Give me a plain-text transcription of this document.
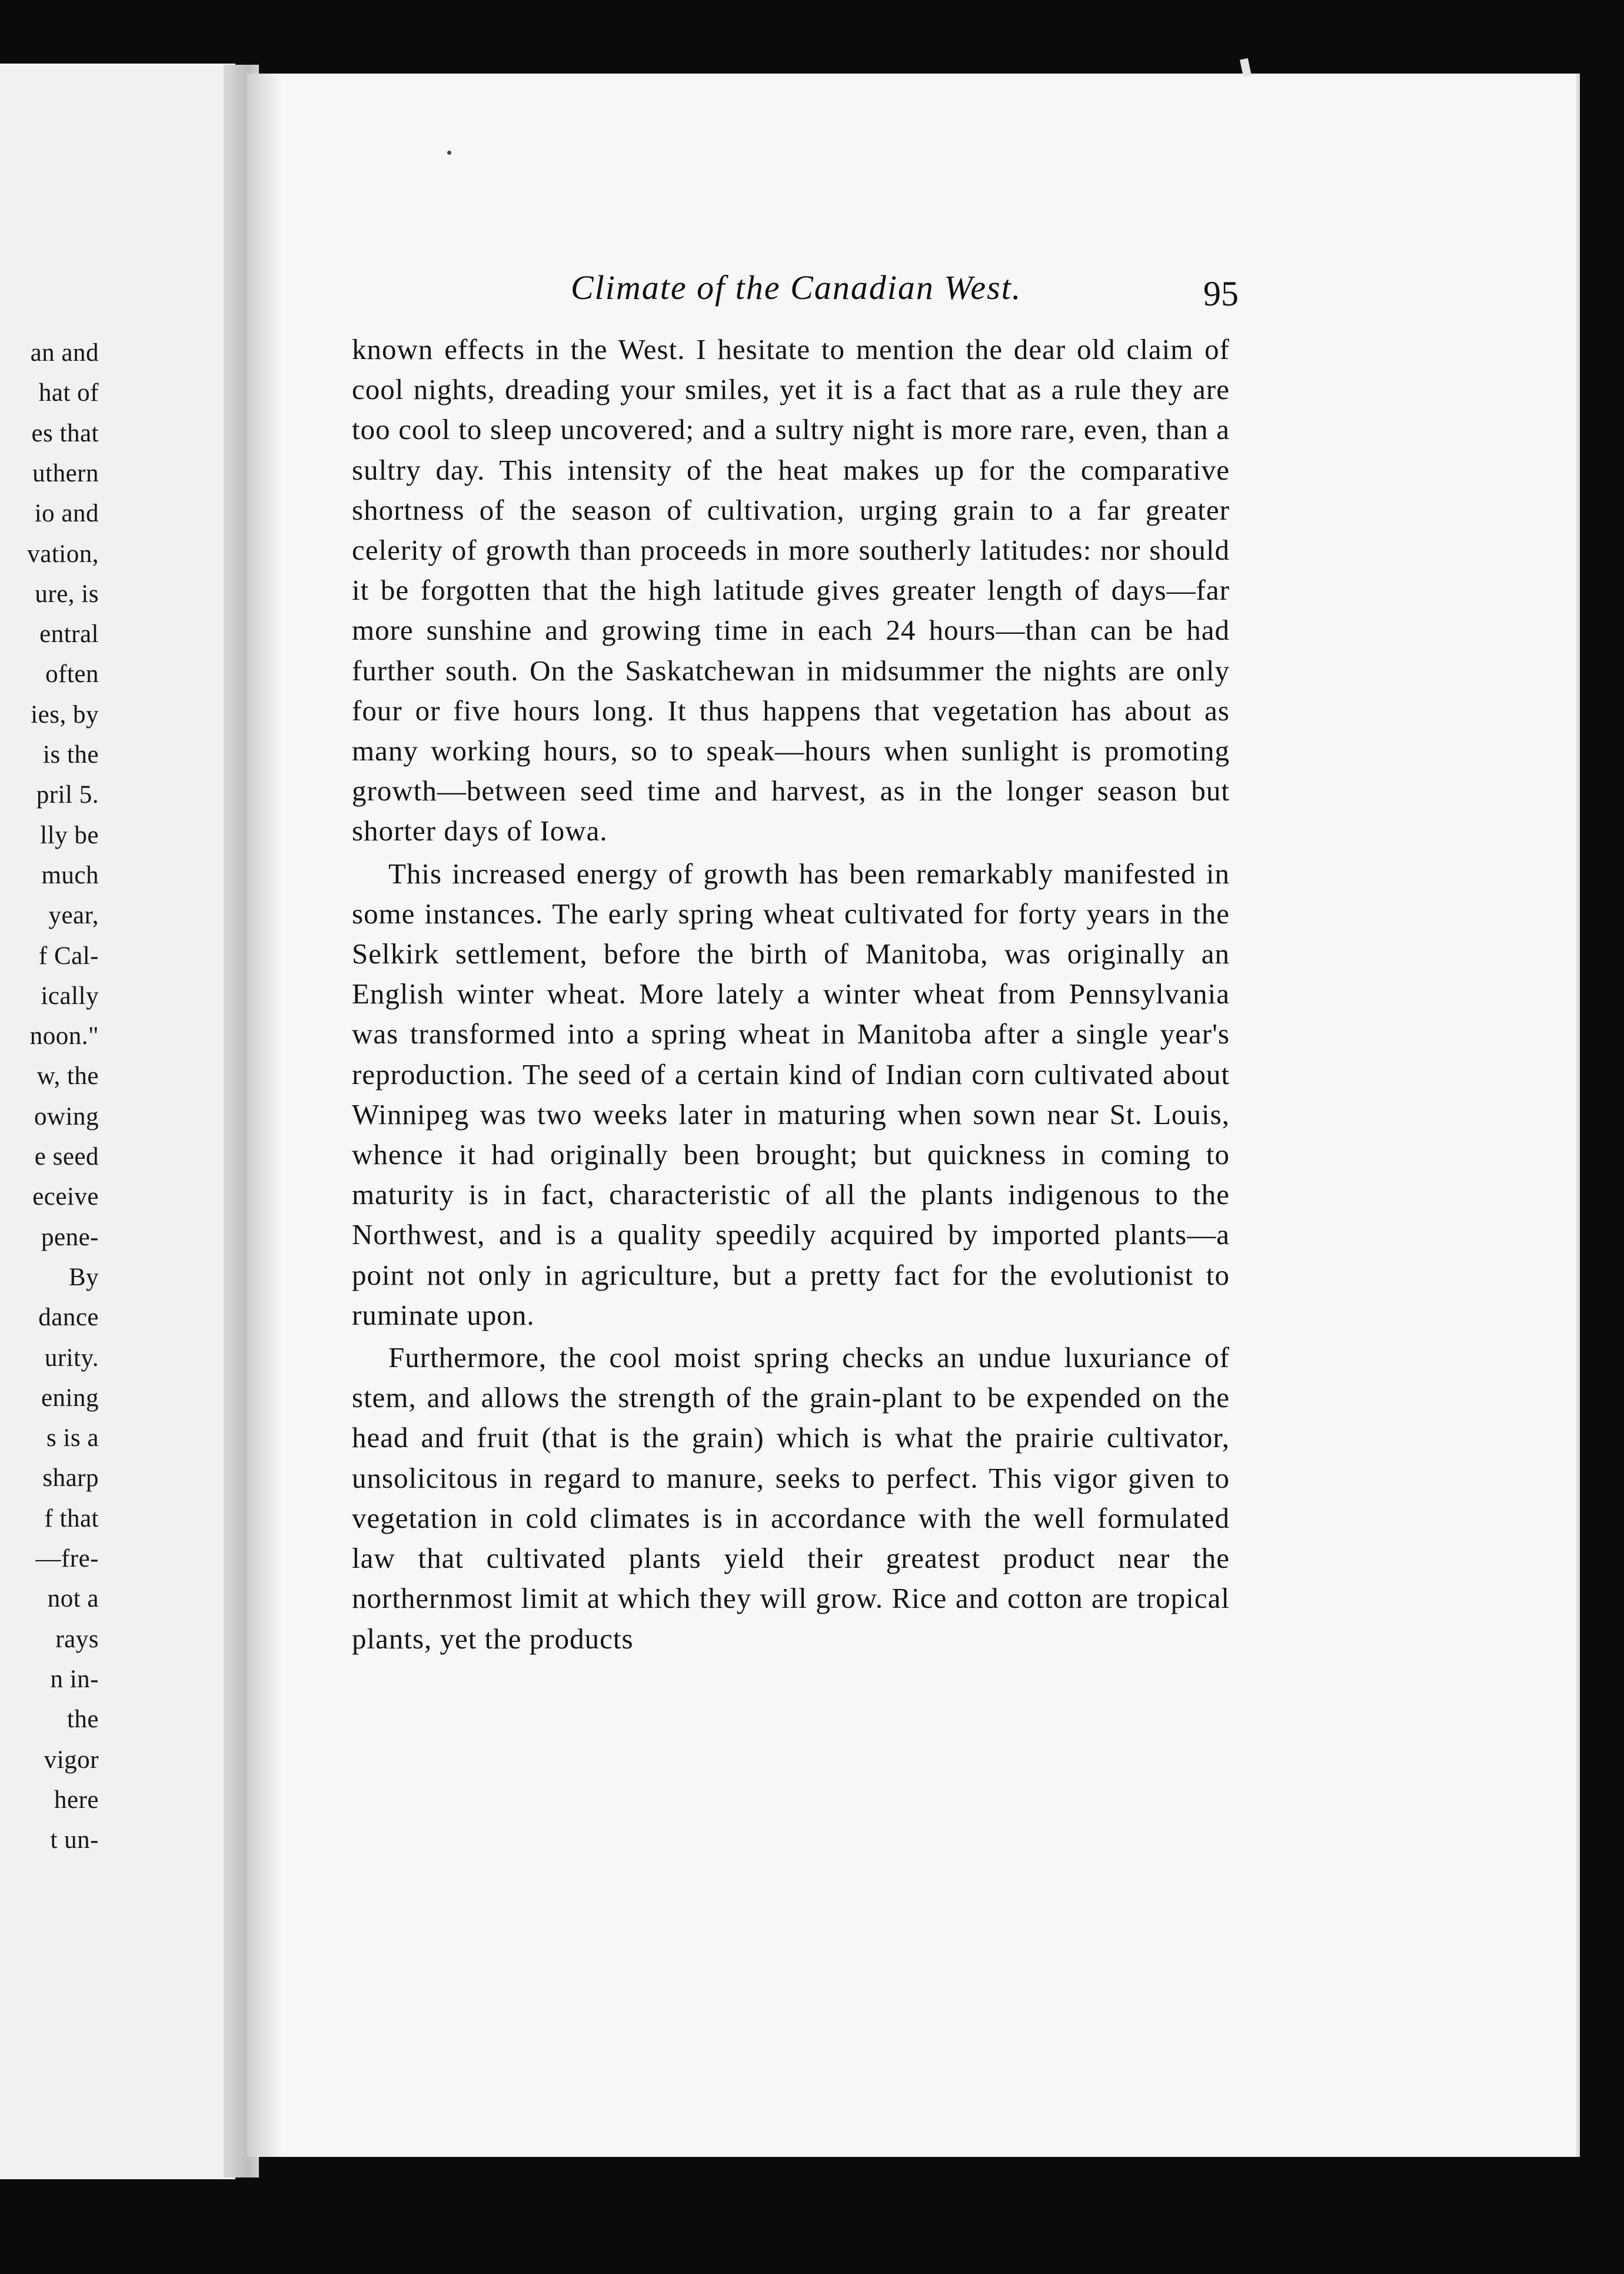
an and
hat of
es that
uthern
io and
vation,
ure, is
entral
often
ies, by
is the
pril 5.
lly be
much
year,
f Cal-
ically
noon."
w, the
owing
e seed
eceive
pene-
By
dance
urity.
ening
s is a
sharp
f that
—fre-
not a
rays
n in-
the
vigor
here
t un-
Climate of the Canadian West.	95

known effects in the West. I hesitate to mention the dear old claim of cool nights, dreading your smiles, yet it is a fact that as a rule they are too cool to sleep uncovered; and a sultry night is more rare, even, than a sultry day. This intensity of the heat makes up for the comparative shortness of the season of cultivation, urging grain to a far greater celerity of growth than proceeds in more southerly latitudes: nor should it be forgotten that the high latitude gives greater length of days—far more sunshine and growing time in each 24 hours—than can be had further south. On the Saskatchewan in midsummer the nights are only four or five hours long. It thus happens that vegetation has about as many working hours, so to speak—hours when sunlight is promoting growth—between seed time and harvest, as in the longer season but shorter days of Iowa.

This increased energy of growth has been remarkably manifested in some instances. The early spring wheat cultivated for forty years in the Selkirk settlement, before the birth of Manitoba, was originally an English winter wheat. More lately a winter wheat from Pennsylvania was transformed into a spring wheat in Manitoba after a single year's reproduction. The seed of a certain kind of Indian corn cultivated about Winnipeg was two weeks later in maturing when sown near St. Louis, whence it had originally been brought; but quickness in coming to maturity is in fact, characteristic of all the plants indigenous to the Northwest, and is a quality speedily acquired by imported plants—a point not only in agriculture, but a pretty fact for the evolutionist to ruminate upon.

Furthermore, the cool moist spring checks an undue luxuriance of stem, and allows the strength of the grain-plant to be expended on the head and fruit (that is the grain) which is what the prairie cultivator, unsolicitous in regard to manure, seeks to perfect. This vigor given to vegetation in cold climates is in accordance with the well formulated law that cultivated plants yield their greatest product near the northernmost limit at which they will grow. Rice and cotton are tropical plants, yet the products
